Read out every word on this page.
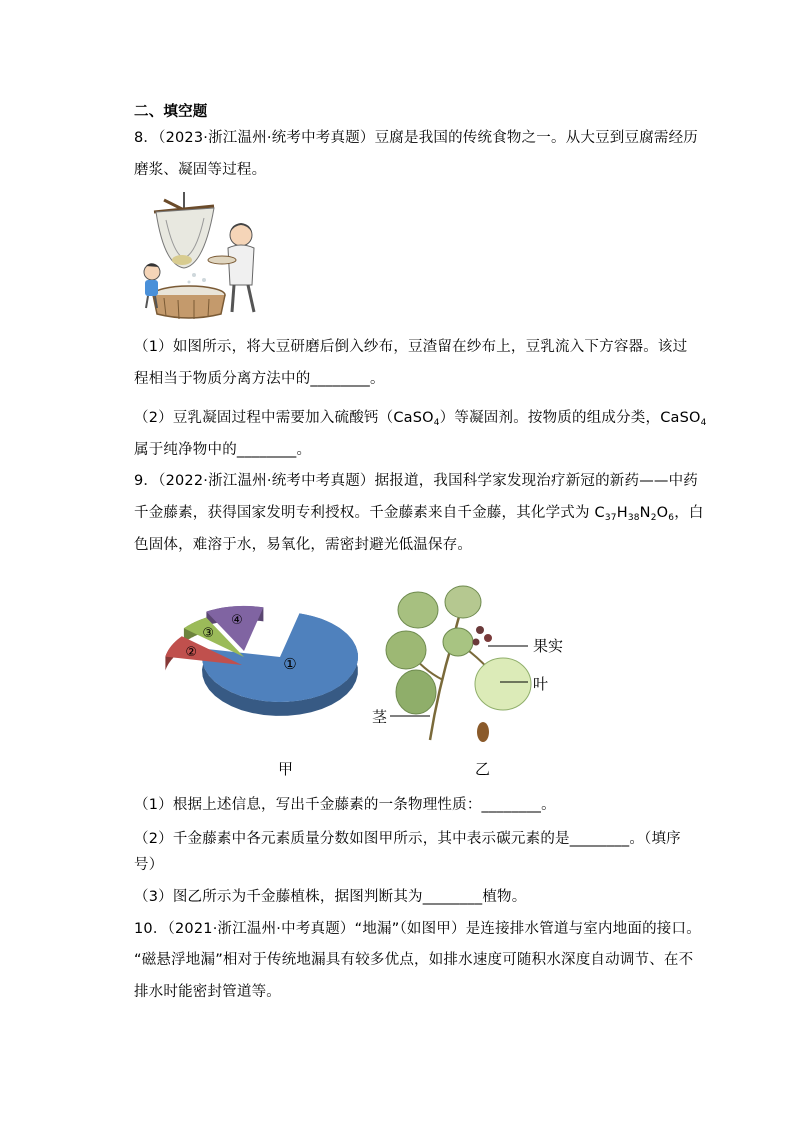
二、填空题
8．（2023·浙江温州·统考中考真题）豆腐是我国的传统食物之一。从大豆到豆腐需经历
磨浆、凝固等过程。
（1）如图所示，将大豆研磨后倒入纱布，豆渣留在纱布上，豆乳流入下方容器。该过
程相当于物质分离方法中的________。
（2）豆乳凝固过程中需要加入硫酸钙（CaSO$_4$）等凝固剂。按物质的组成分类，CaSO$_4$
属于纯净物中的________。
9．（2022·浙江温州·统考中考真题）据报道，我国科学家发现治疗新冠的新药——中药
千金藤素，获得国家发明专利授权。千金藤素来自千金藤，其化学式为 $C_{37}H_{38}N_2O_6$，白
色固体，难溶于水，易氧化，需密封避光低温保存。
①
②
③
④
果实
叶
茎
甲	乙
（1）根据上述信息，写出千金藤素的一条物理性质：________。
（2）千金藤素中各元素质量分数如图甲所示，其中表示碳元素的是________。（填序
号）
（3）图乙所示为千金藤植株，据图判断其为________植物。
10．（2021·浙江温州·中考真题）“地漏”（如图甲）是连接排水管道与室内地面的接口。
“磁悬浮地漏”相对于传统地漏具有较多优点，如排水速度可随积水深度自动调节、在不
排水时能密封管道等。
